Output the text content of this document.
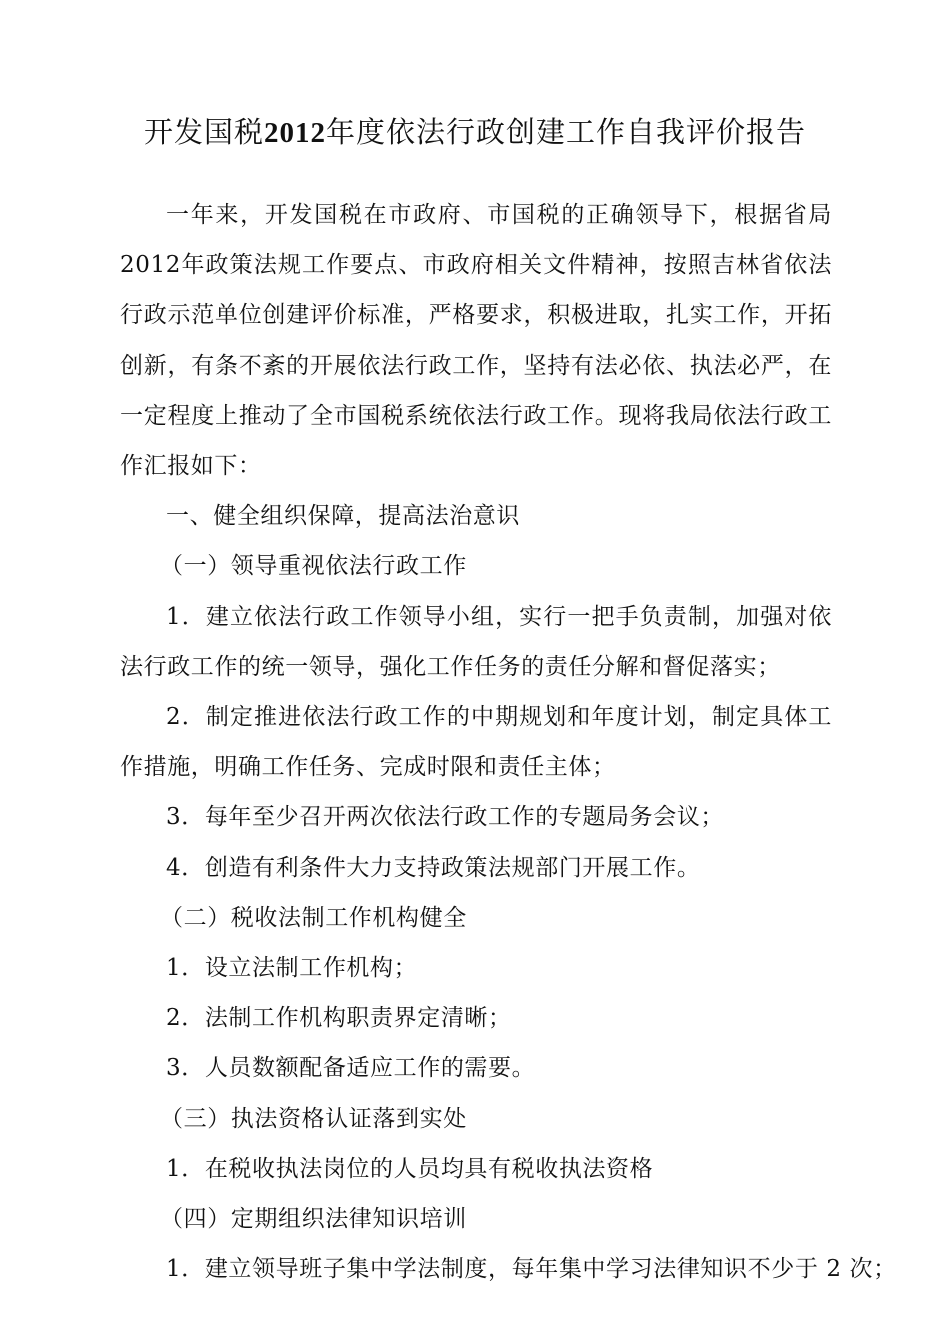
开发国税2012年度依法行政创建工作自我评价报告

一年来，开发国税在市政府、市国税的正确领导下，根据省局 2012年政策法规工作要点、市政府相关文件精神，按照吉林省依法行政示范单位创建评价标准，严格要求，积极进取，扎实工作，开拓创新，有条不紊的开展依法行政工作，坚持有法必依、执法必严，在一定程度上推动了全市国税系统依法行政工作。现将我局依法行政工作汇报如下：

一、健全组织保障，提高法治意识

（一）领导重视依法行政工作

1．建立依法行政工作领导小组，实行一把手负责制，加强对依法行政工作的统一领导，强化工作任务的责任分解和督促落实；

2．制定推进依法行政工作的中期规划和年度计划，制定具体工作措施，明确工作任务、完成时限和责任主体；

3．每年至少召开两次依法行政工作的专题局务会议；

4．创造有利条件大力支持政策法规部门开展工作。

（二）税收法制工作机构健全

1．设立法制工作机构；

2．法制工作机构职责界定清晰；

3．人员数额配备适应工作的需要。

（三）执法资格认证落到实处

1．在税收执法岗位的人员均具有税收执法资格

（四）定期组织法律知识培训

1．建立领导班子集中学法制度，每年集中学习法律知识不少于 2 次；
